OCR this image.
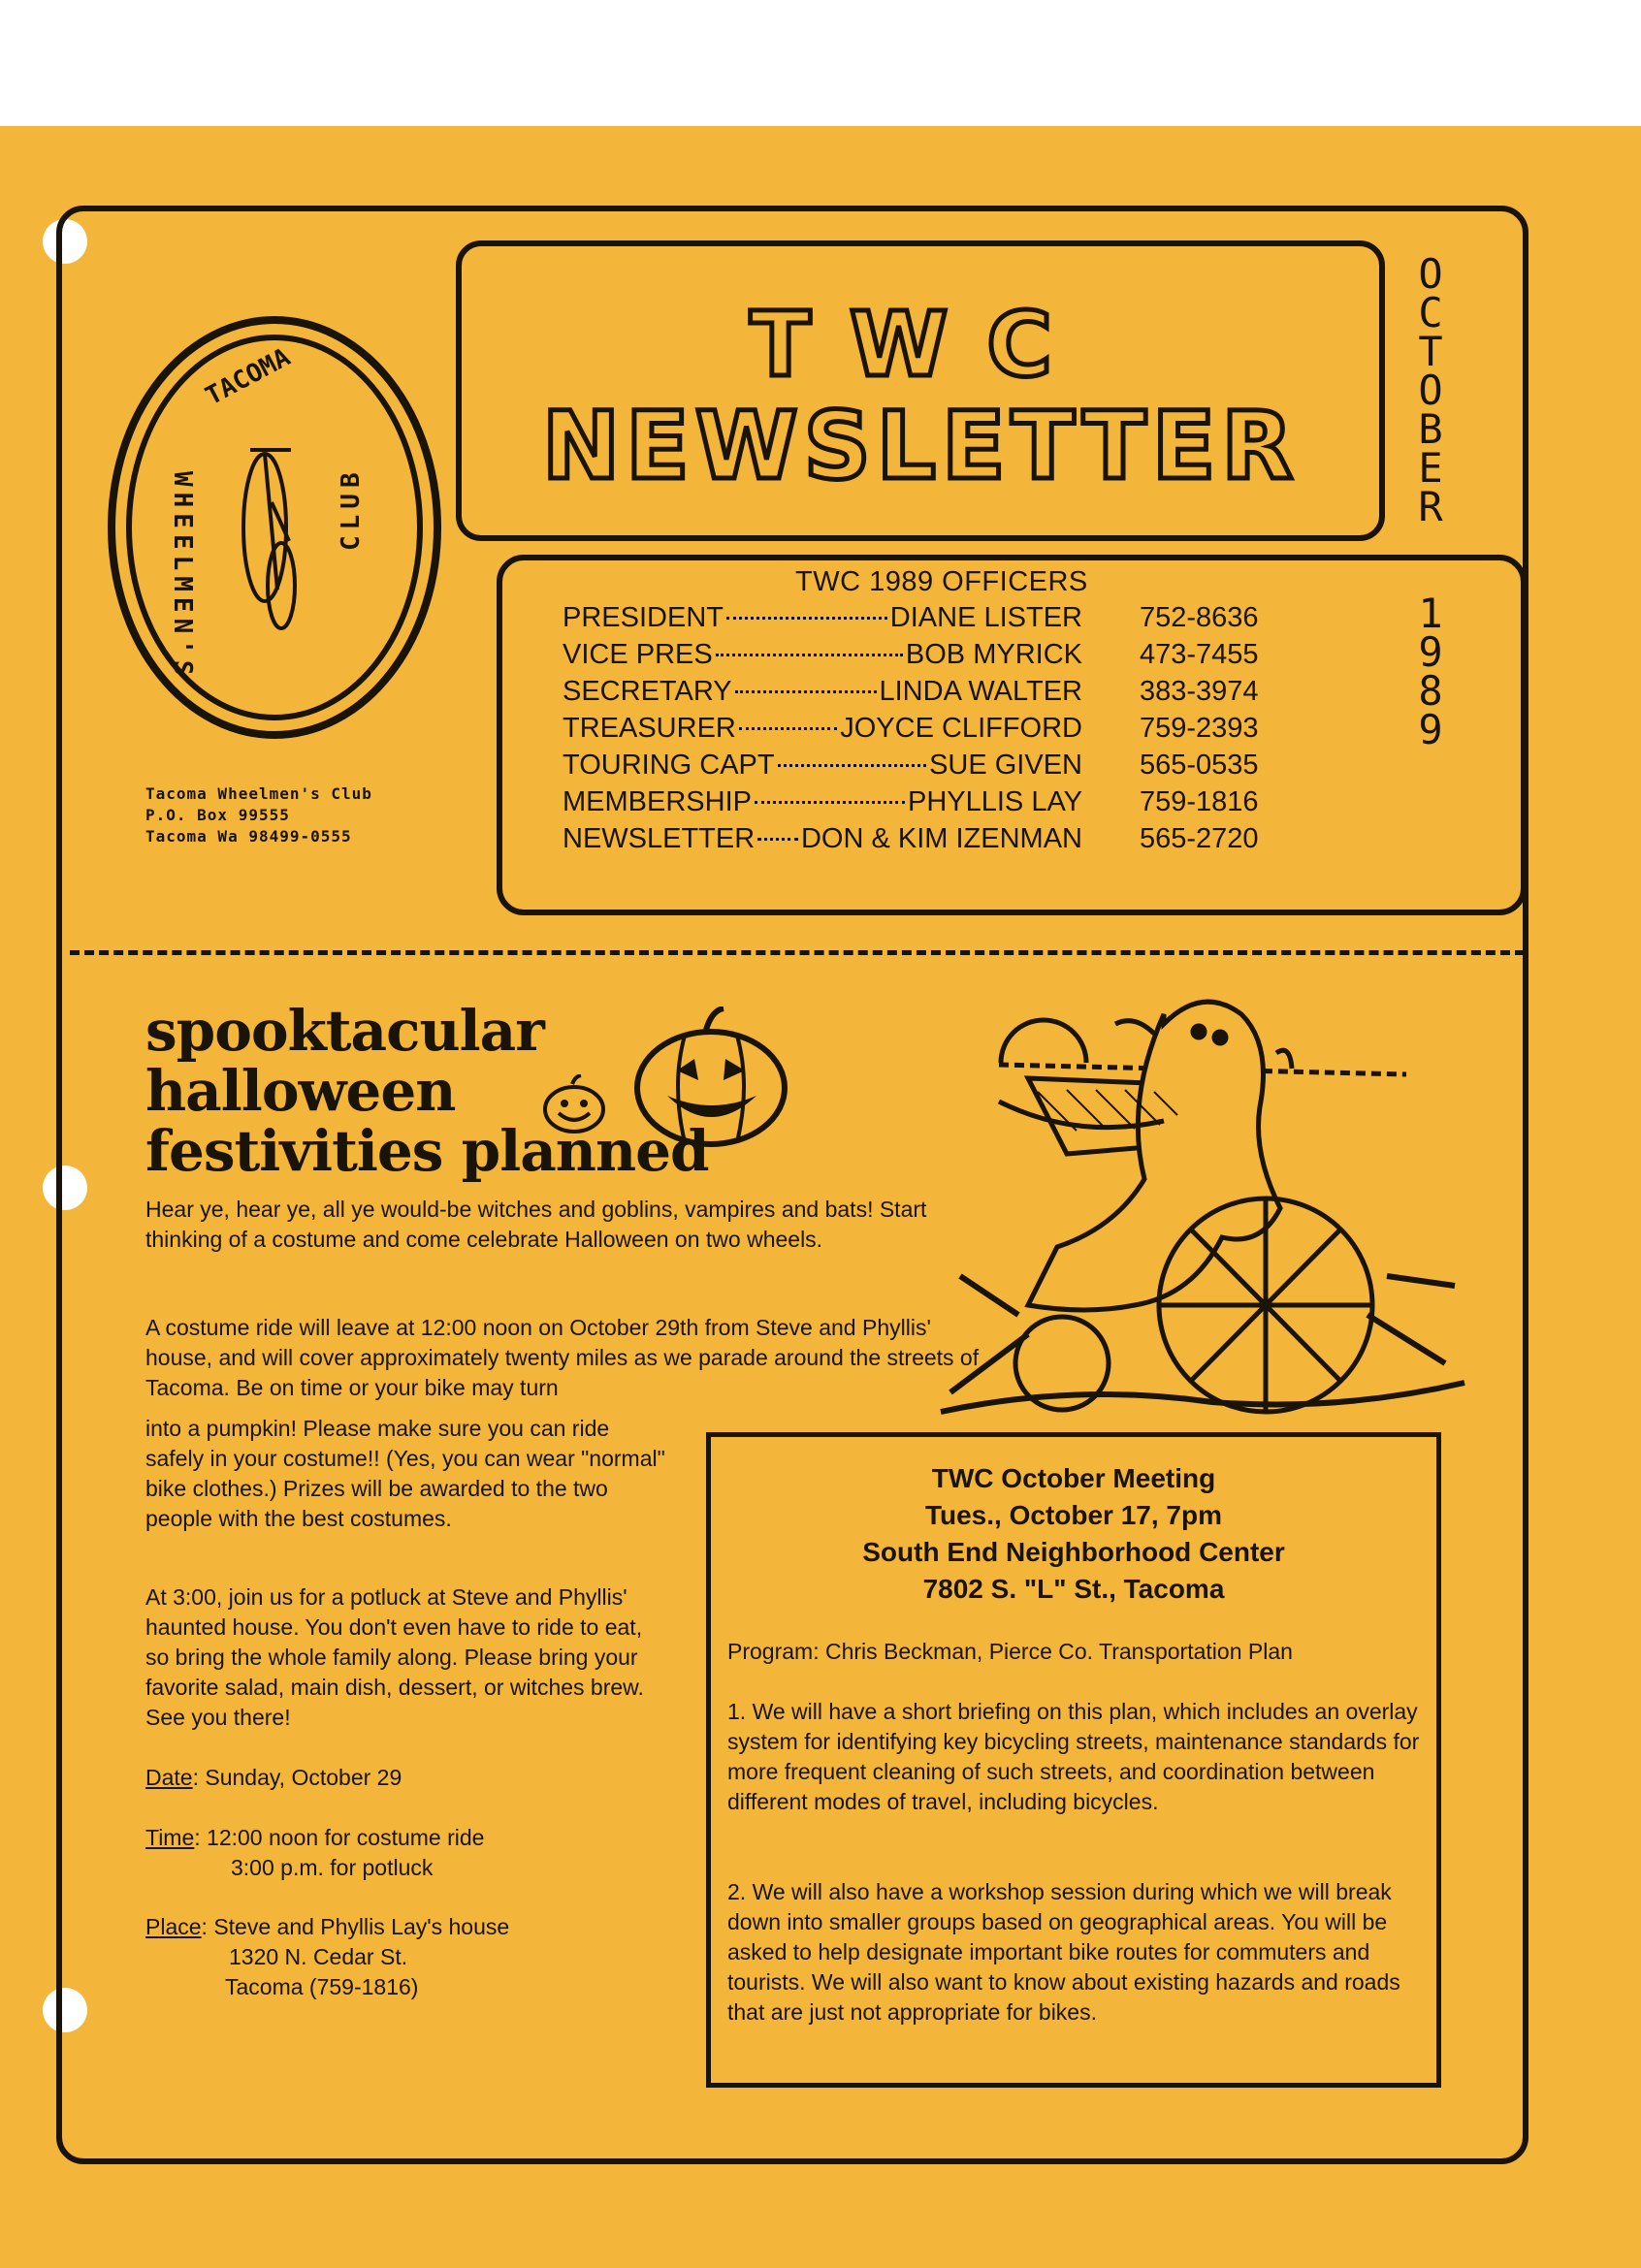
TACOMA
WHEELMEN'S	CLUB
Tacoma Wheelmen's Club
P.O. Box 99555
Tacoma Wa 98499-0555
TWC
NEWSLETTER
O
C
T
O
B
E
R
1
9
8
9
TWC 1989 OFFICERS
PRESIDENT	DIANE LISTER 752-8636
VICE PRES	BOB MYRICK 473-7455
SECRETARY	LINDA WALTER 383-3974
TREASURER	JOYCE CLIFFORD 759-2393
TOURING CAPT	SUE GIVEN 565-0535
MEMBERSHIP	PHYLLIS LAY 759-1816
NEWSLETTER DON & KIM IZENMAN 565-2720
spooktacular
halloween
festivities planned
Hear ye, hear ye, all ye would-be witches and goblins, vampires and bats! Start thinking of a costume and come celebrate Halloween on two wheels.
A costume ride will leave at 12:00 noon on October 29th from Steve and Phyllis' house, and will cover approximately twenty miles as we parade around the streets of Tacoma. Be on time or your bike may turn
into a pumpkin! Please make sure you can ride safely in your costume!! (Yes, you can wear "normal" bike clothes.) Prizes will be awarded to the two people with the best costumes.
At 3:00, join us for a potluck at Steve and Phyllis' haunted house. You don't even have to ride to eat, so bring the whole family along. Please bring your favorite salad, main dish, dessert, or witches brew. See you there!
Date: Sunday, October 29
Time: 12:00 noon for costume ride
3:00 p.m. for potluck
Place: Steve and Phyllis Lay's house
1320 N. Cedar St.
Tacoma (759-1816)
TWC October Meeting
Tues., October 17, 7pm
South End Neighborhood Center
7802 S. "L" St., Tacoma
Program: Chris Beckman, Pierce Co. Transportation Plan
1. We will have a short briefing on this plan, which includes an overlay system for identifying key bicycling streets, maintenance standards for more frequent cleaning of such streets, and coordination between different modes of travel, including bicycles.
2. We will also have a workshop session during which we will break down into smaller groups based on geographical areas. You will be asked to help designate important bike routes for commuters and tourists. We will also want to know about existing hazards and roads that are just not appropriate for bikes.
